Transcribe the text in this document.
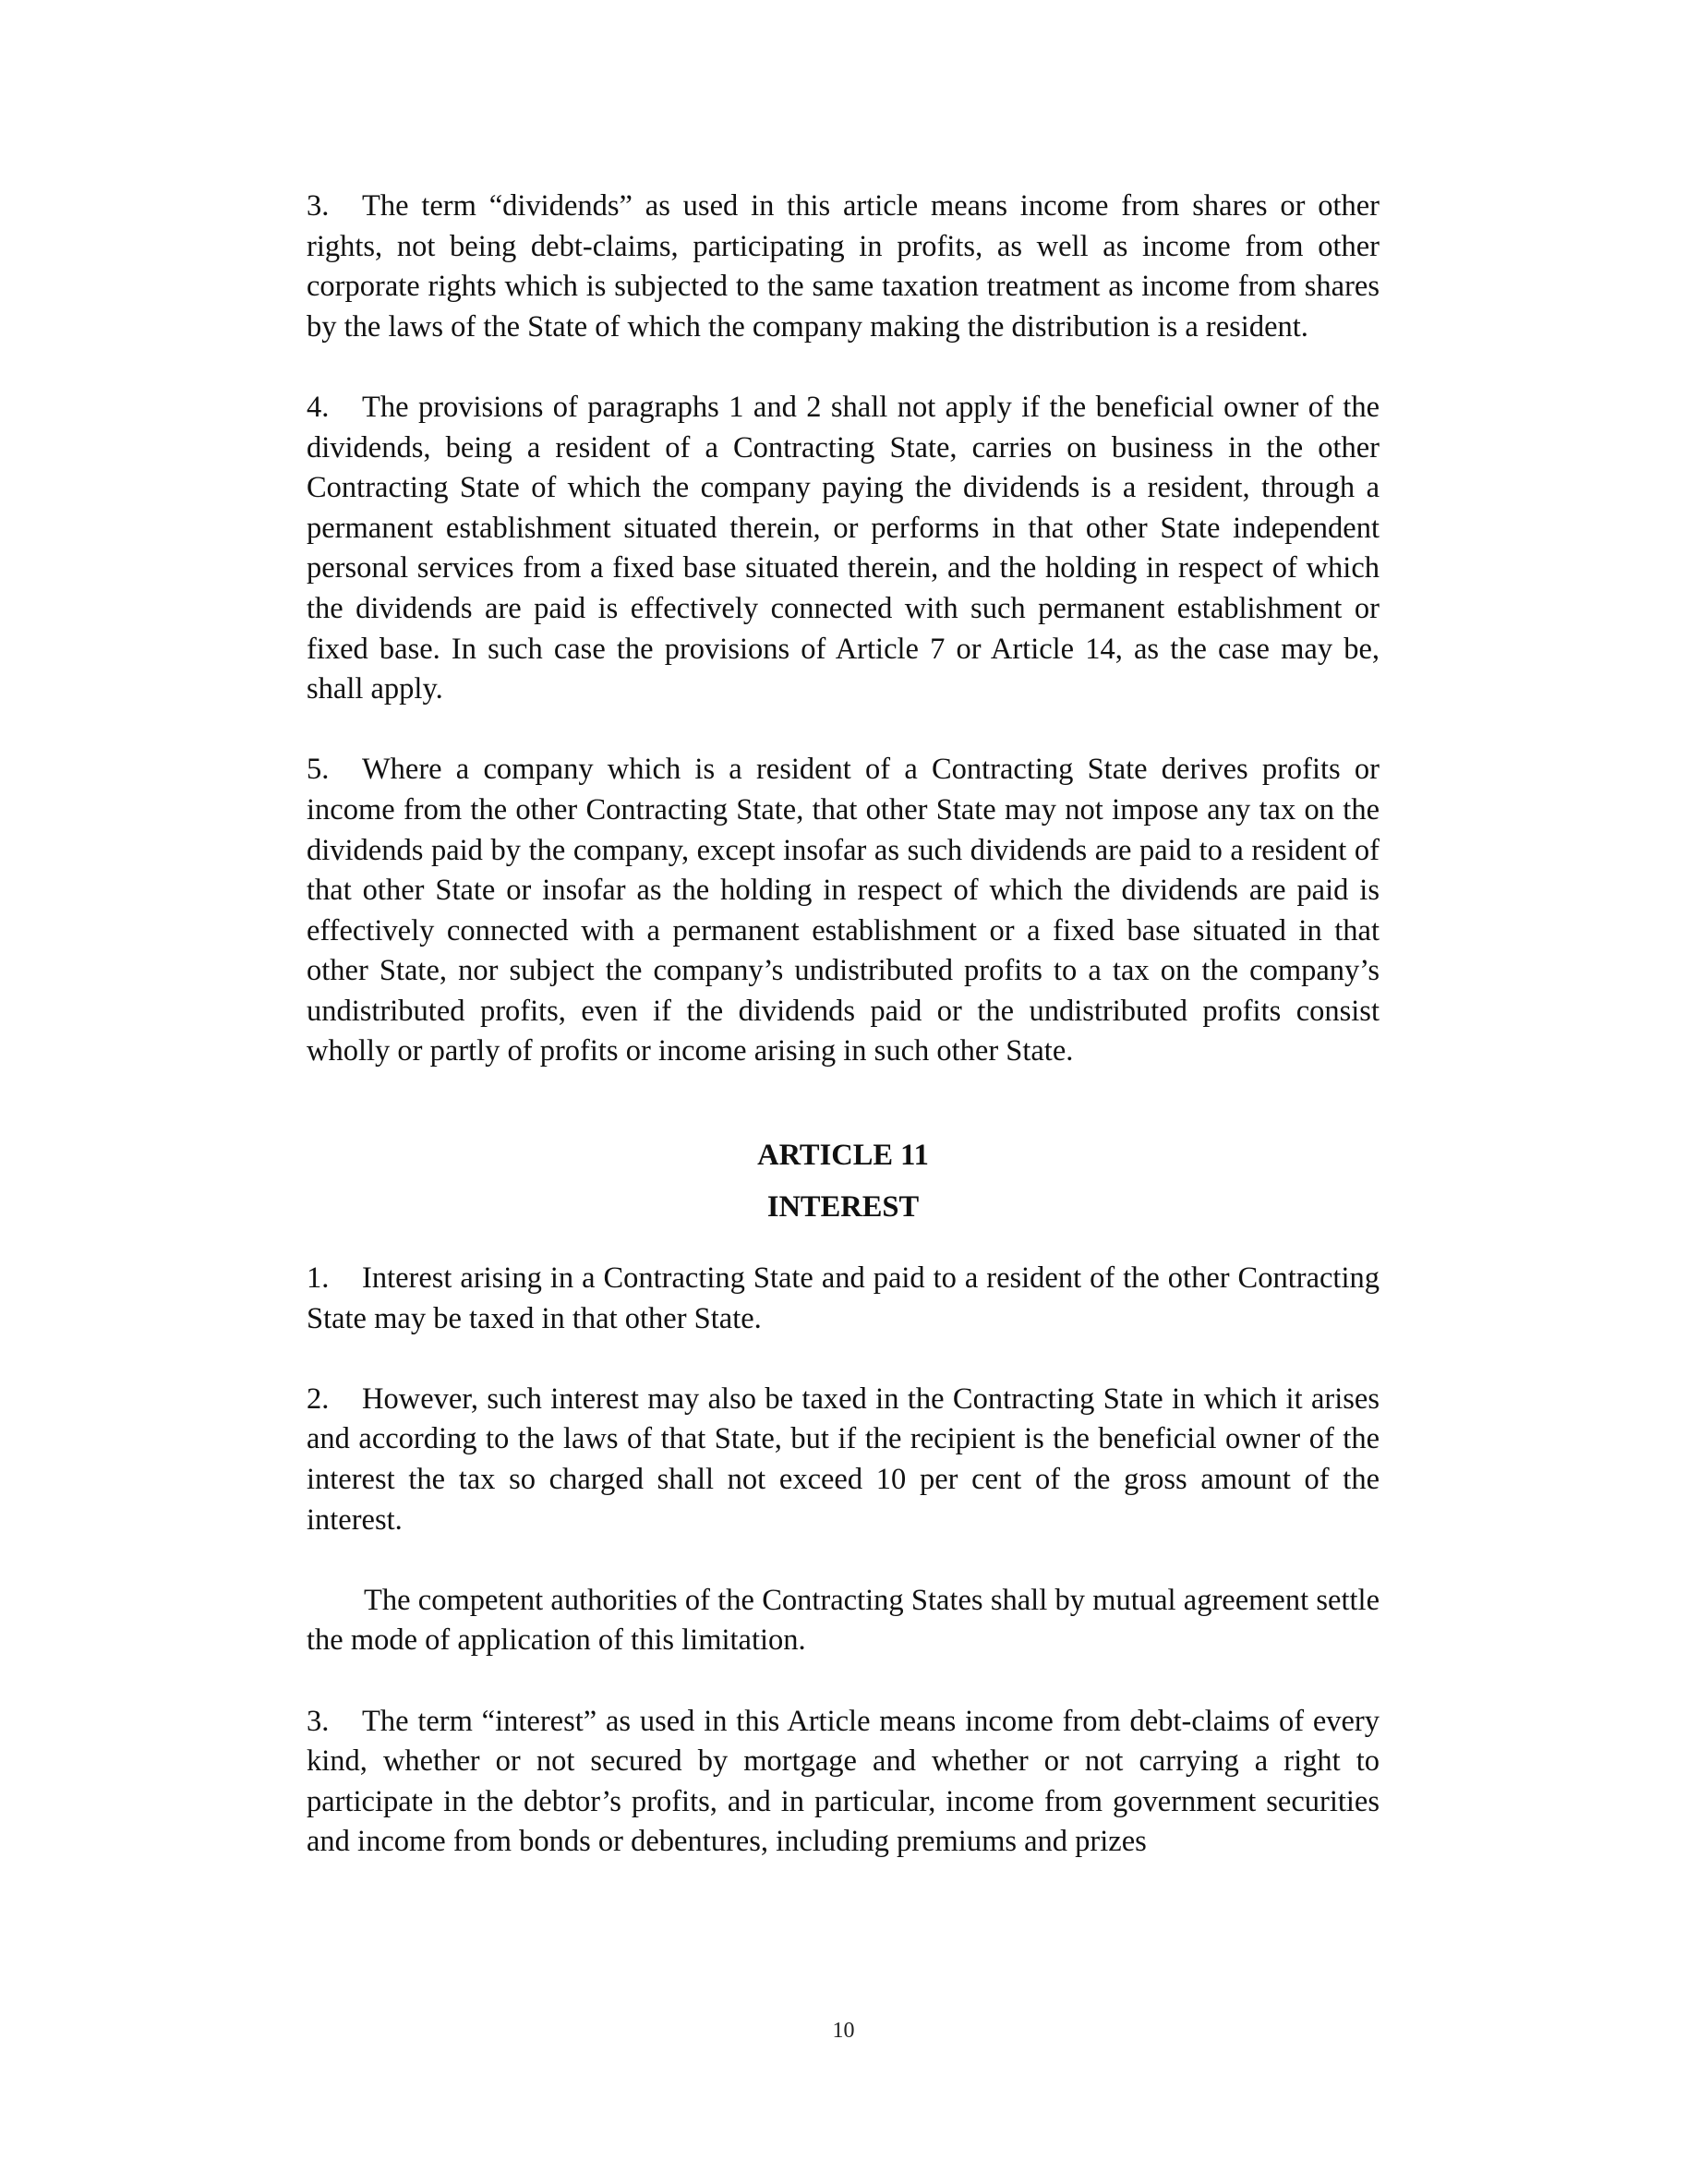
3. The term “dividends” as used in this article means income from shares or other rights, not being debt-claims, participating in profits, as well as income from other corporate rights which is subjected to the same taxation treatment as income from shares by the laws of the State of which the company making the distribution is a resident.

4. The provisions of paragraphs 1 and 2 shall not apply if the beneficial owner of the dividends, being a resident of a Contracting State, carries on business in the other Contracting State of which the company paying the dividends is a resident, through a permanent establishment situated therein, or performs in that other State independent personal services from a fixed base situated therein, and the holding in respect of which the dividends are paid is effectively connected with such permanent establishment or fixed base. In such case the provisions of Article 7 or Article 14, as the case may be, shall apply.

5. Where a company which is a resident of a Contracting State derives profits or income from the other Contracting State, that other State may not impose any tax on the dividends paid by the company, except insofar as such dividends are paid to a resident of that other State or insofar as the holding in respect of which the dividends are paid is effectively connected with a permanent establishment or a fixed base situated in that other State, nor subject the company’s undistributed profits to a tax on the company’s undistributed profits, even if the dividends paid or the undistributed profits consist wholly or partly of profits or income arising in such other State.

ARTICLE 11

INTEREST

1. Interest arising in a Contracting State and paid to a resident of the other Contracting State may be taxed in that other State.

2. However, such interest may also be taxed in the Contracting State in which it arises and according to the laws of that State, but if the recipient is the beneficial owner of the interest the tax so charged shall not exceed 10 per cent of the gross amount of the interest.

The competent authorities of the Contracting States shall by mutual agreement settle the mode of application of this limitation.

3. The term “interest” as used in this Article means income from debt-claims of every kind, whether or not secured by mortgage and whether or not carrying a right to participate in the debtor’s profits, and in particular, income from government securities and income from bonds or debentures, including premiums and prizes

10
